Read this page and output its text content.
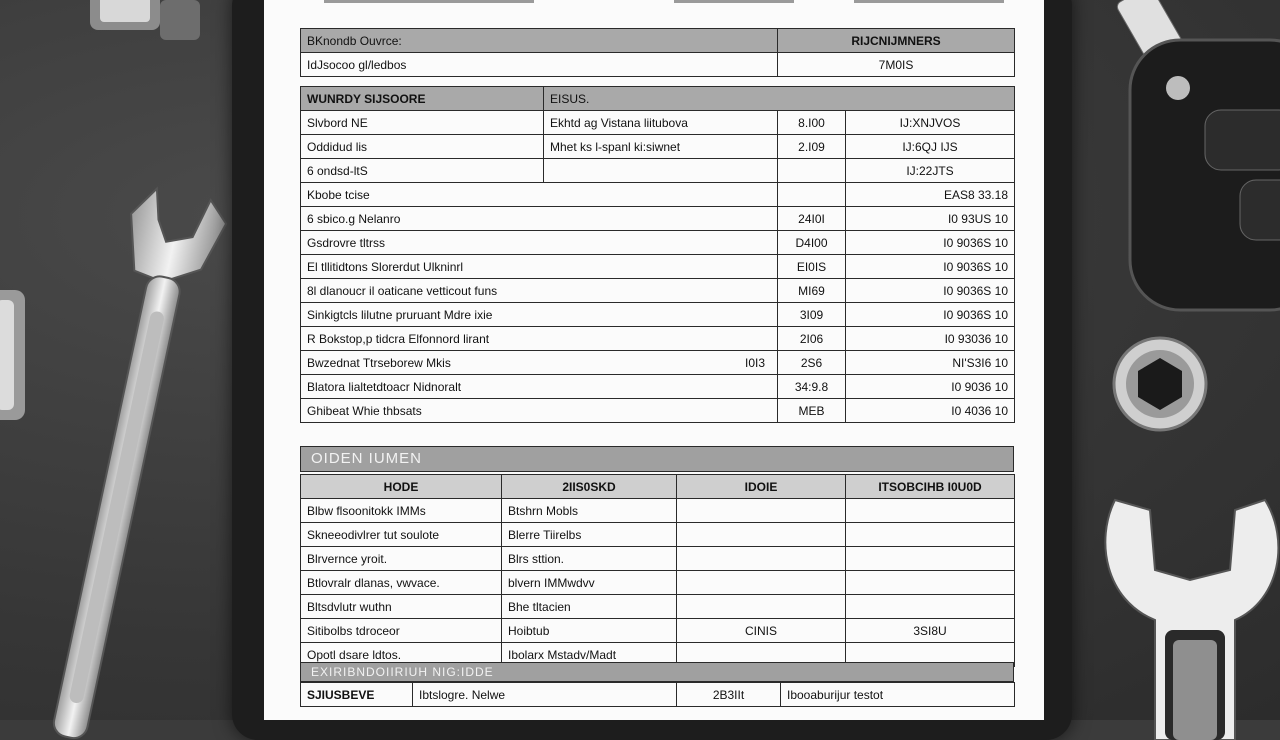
BKnondb Ouvrce:	RIJCNIJMNERS
IdJsocoo gl/ledbos	7M0IS
WUNRDY SIJSOORE	EISUS.		
Slvbord NE	Ekhtd ag Vistana liitubova	8.I00	IJ:XNJVOS
Oddidud lis	Mhet ks l-spanl ki:siwnet	2.I09	IJ:6QJ IJS
6 ondsd-ltS			IJ:22JTS
Kbobe tcise			EAS8 33.18
6 sbico.g Nelanro		24I0I	I0 93US 10
Gsdrovre tltrss		D4I00	I0 9036S 10
El tllitidtons Slorerdut Ulkninrl		EI0IS	I0 9036S 10
8l dlanoucr il oaticane vetticout funs		MI69	I0 9036S 10
Sinkigtcls lilutne pruruant Mdre ixie		3I09	I0 9036S 10
R Bokstop,p tidcra Elfonnord lirant		2I06	I0 93036 10
Bwzednat Ttrseborew Mkis I0I3		2S6	NI'S3I6 10
Blatora lialtetdtoacr Nidnoralt		34:9.8	I0 9036 10
Ghibeat Whie thbsats		MEB	I0 4036 10
OIDEN IUMEN
HODE	2IIS0SKD	IDOIE	ITSOBCIHB I0U0D
Blbw flsoonitokk IMMs	Btshrn Mobls		
Skneeodivlrer tut soulote	Blerre Tiirelbs		
Blrvernce yroit.	Blrs sttion.		
Btlovralr dlanas, vwvace.	blvern IMMwdvv		
Bltsdvlutr wuthn	Bhe tltacien		
Sitibolbs tdroceor	Hoibtub	CINIS	3SI8U
Opotl dsare ldtos.	Ibolarx Mstadv/Madt		
EXIRIBNDOIIRIUH NIG:IDDE
SJIUSBEVE	Ibtslogre. Nelwe	2B3IIt	Ibooaburijur testot
